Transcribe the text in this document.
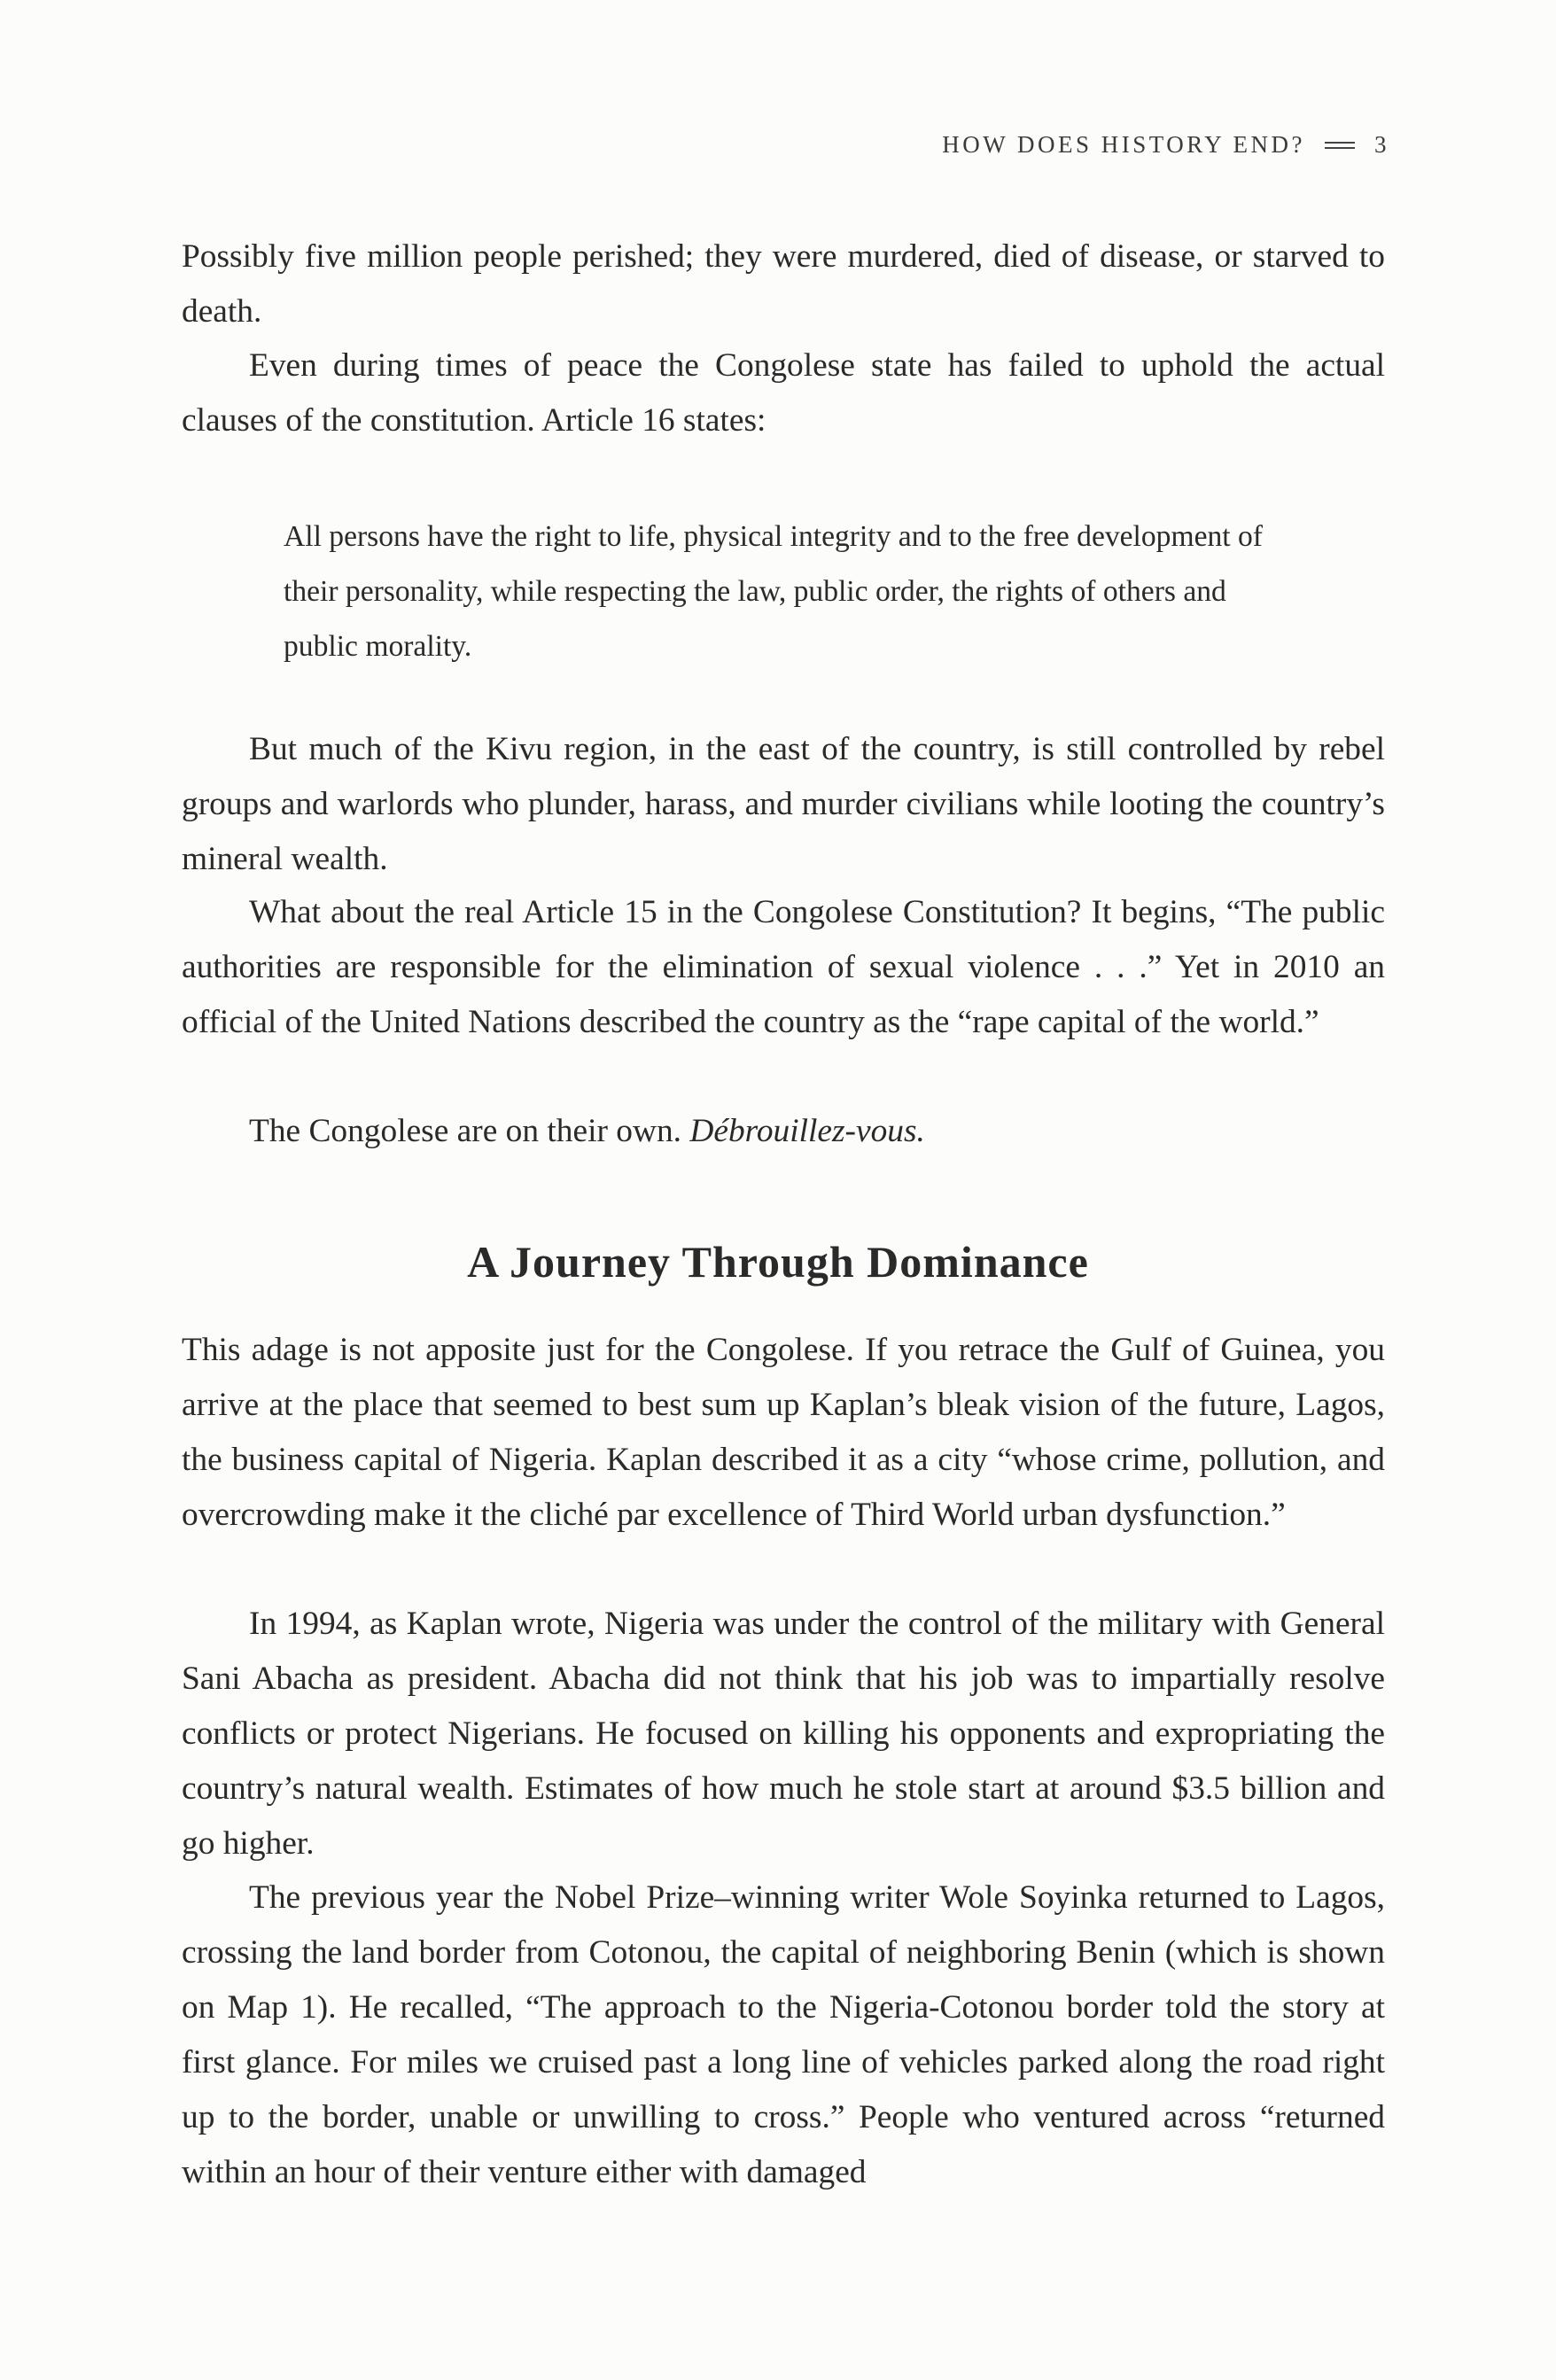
HOW DOES HISTORY END?	3

Possibly five million people perished; they were murdered, died of disease, or starved to death.

Even during times of peace the Congolese state has failed to uphold the actual clauses of the constitution. Article 16 states:

All persons have the right to life, physical integrity and to the free development of their personality, while respecting the law, public order, the rights of others and public morality.

But much of the Kivu region, in the east of the country, is still controlled by rebel groups and warlords who plunder, harass, and murder civilians while looting the country’s mineral wealth.

What about the real Article 15 in the Congolese Constitution? It begins, “The public authorities are responsible for the elimination of sexual violence . . .” Yet in 2010 an official of the United Nations described the country as the “rape capital of the world.”

The Congolese are on their own. Débrouillez-vous.

A Journey Through Dominance

This adage is not apposite just for the Congolese. If you retrace the Gulf of Guinea, you arrive at the place that seemed to best sum up Kaplan’s bleak vision of the future, Lagos, the business capital of Nigeria. Kaplan described it as a city “whose crime, pollution, and overcrowding make it the cliché par excellence of Third World urban dysfunction.”

In 1994, as Kaplan wrote, Nigeria was under the control of the military with General Sani Abacha as president. Abacha did not think that his job was to impartially resolve conflicts or protect Nigerians. He focused on killing his opponents and expropriating the country’s natural wealth. Estimates of how much he stole start at around $3.5 billion and go higher.

The previous year the Nobel Prize–winning writer Wole Soyinka returned to Lagos, crossing the land border from Cotonou, the capital of neighboring Benin (which is shown on Map 1). He recalled, “The approach to the Nigeria-Cotonou border told the story at first glance. For miles we cruised past a long line of vehicles parked along the road right up to the border, unable or unwilling to cross.” People who ventured across “returned within an hour of their venture either with damaged
